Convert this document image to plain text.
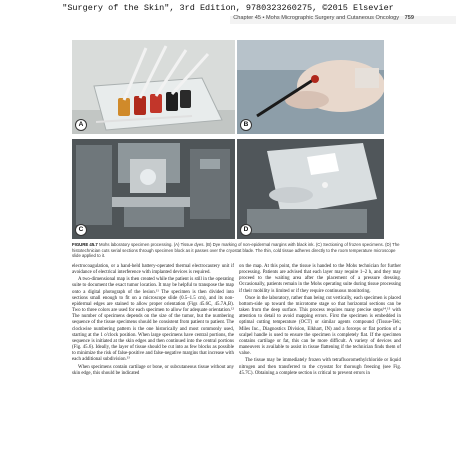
"Surgery of the Skin", 3rd Edition, 9780323260275, ©2015 Elsevier
Chapter 45 • Mohs Micrographic Surgery and Cutaneous Oncology 759
A	B
C	D
FIGURE 45.7 Mohs laboratory specimen processing. (A) Tissue dyes. (B) Dye marking of non-epidermal margins with black ink. (C) Sectioning of frozen specimens. (D) The histotechnician cuts serial sections through specimen block as it passes over the cryostat blade. The thin, cold tissue adheres directly to the room temperature microscope slide applied to it.

electrocoagulation, or a hand-held battery-operated thermal electrocautery unit if avoidance of electrical interference with implanted devices is required.

A two-dimensional map is then created while the patient is still in the operating suite to document the exact tumor location. It may be helpful to transpose the map onto a digital photograph of the lesion.¹¹ The specimen is then divided into sections small enough to fit on a microscope slide (0.5–1.5 cm), and its non-epidermal edges are stained to allow proper orientation (Figs 45.6C, 45.7A,B). Two to three colors are used for each specimen to allow for adequate orientation.¹² The number of specimens depends on the size of the tumor, but the numbering sequence of the tissue specimens should be consistent from patient to patient. The clockwise numbering pattern is the one historically and most commonly used, starting at the 1 o'clock position. When large specimens have central portions, the sequence is initiated at the skin edges and then continued into the central portions (Fig. 45.6). Ideally, the layer of tissue should be cut into as few blocks as possible to minimize the risk of false-positive and false-negative margins that increase with each additional subdivision.¹³

When specimens contain cartilage or bone, or subcutaneous tissue without any skin edge, this should be indicated

on the map. At this point, the tissue is handed to the Mohs technician for further processing. Patients are advised that each layer may require 1–2 h, and they may proceed to the waiting area after the placement of a pressure dressing. Occasionally, patients remain in the Mohs operating suite during tissue processing if their mobility is limited or if they require continuous monitoring.

Once in the laboratory, rather than being cut vertically, each specimen is placed bottom-side up toward the microtome stage so that horizontal sections can be taken from the deep surface. This process requires many precise steps¹⁴,¹⁵ with attention to detail to avoid mapping errors. First the specimen is embedded in optimal cutting temperature (OCT) or similar agents compound (Tissue-Tek; Miles Inc., Diagnostics Division, Elkhart, IN) and a forceps or flat portion of a scalpel handle is used to ensure the specimen is completely flat. If the specimen contains cartilage or fat, this can be more difficult. A variety of devices and maneuvers is available to assist in tissue flattening if the technician finds them of value.

The tissue may be immediately frozen with tetrafluoromethylchloride or liquid nitrogen and then transferred to the cryostat for thorough freezing (see Fig. 45.7C). Obtaining a complete section is critical to prevent errors in
